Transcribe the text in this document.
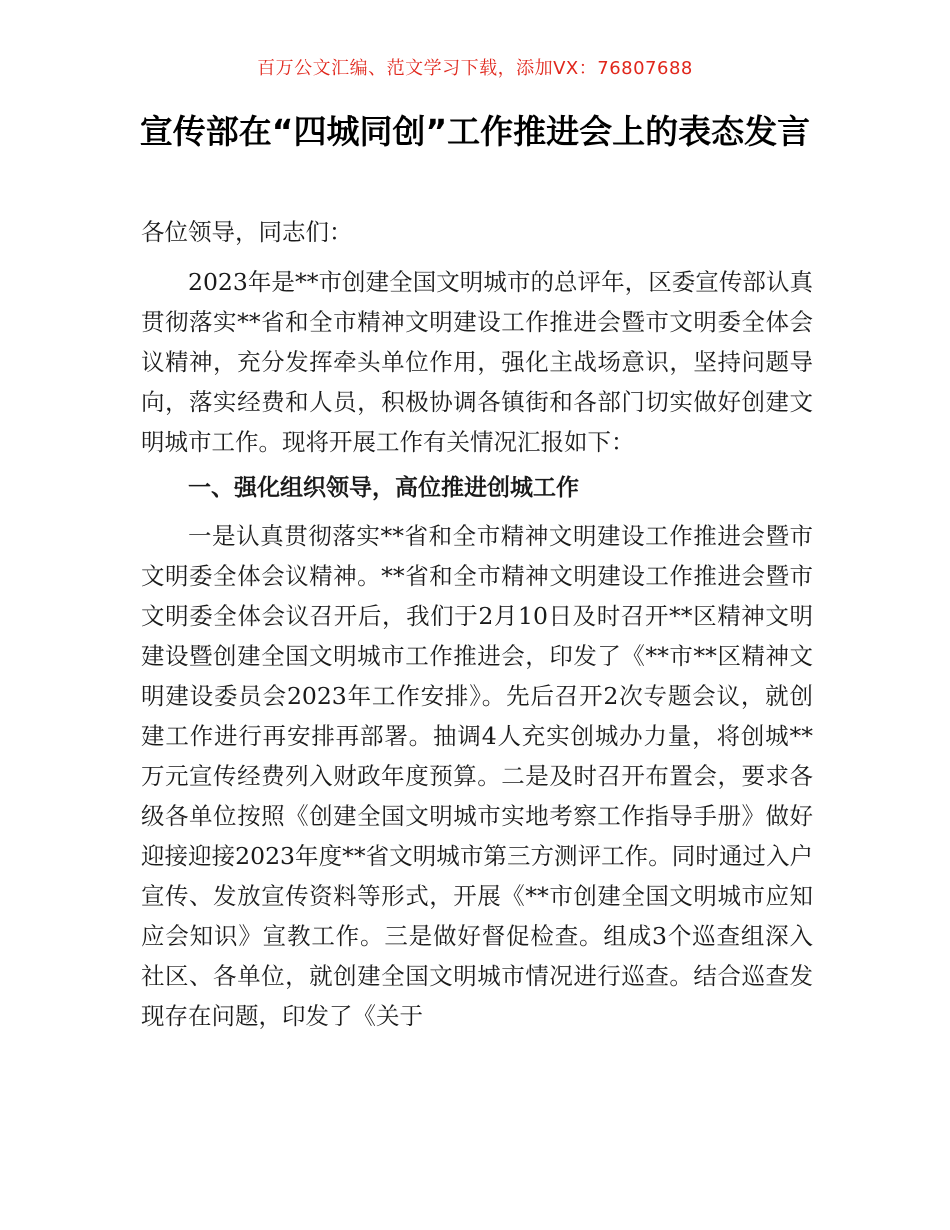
百万公文汇编、范文学习下载，添加VX：76807688
宣传部在“四城同创”工作推进会上的表态发言

各位领导，同志们：

2023年是**市创建全国文明城市的总评年，区委宣传部认真贯彻落实**省和全市精神文明建设工作推进会暨市文明委全体会议精神，充分发挥牵头单位作用，强化主战场意识，坚持问题导向，落实经费和人员，积极协调各镇街和各部门切实做好创建文明城市工作。现将开展工作有关情况汇报如下：

一、强化组织领导，高位推进创城工作

一是认真贯彻落实**省和全市精神文明建设工作推进会暨市文明委全体会议精神。**省和全市精神文明建设工作推进会暨市文明委全体会议召开后，我们于2月10日及时召开**区精神文明建设暨创建全国文明城市工作推进会，印发了《**市**区精神文明建设委员会2023年工作安排》。先后召开2次专题会议，就创建工作进行再安排再部署。抽调4人充实创城办力量，将创城**万元宣传经费列入财政年度预算。二是及时召开布置会，要求各级各单位按照《创建全国文明城市实地考察工作指导手册》做好迎接迎接2023年度**省文明城市第三方测评工作。同时通过入户宣传、发放宣传资料等形式，开展《**市创建全国文明城市应知应会知识》宣教工作。三是做好督促检查。组成3个巡查组深入社区、各单位，就创建全国文明城市情况进行巡查。结合巡查发现存在问题，印发了《关于
